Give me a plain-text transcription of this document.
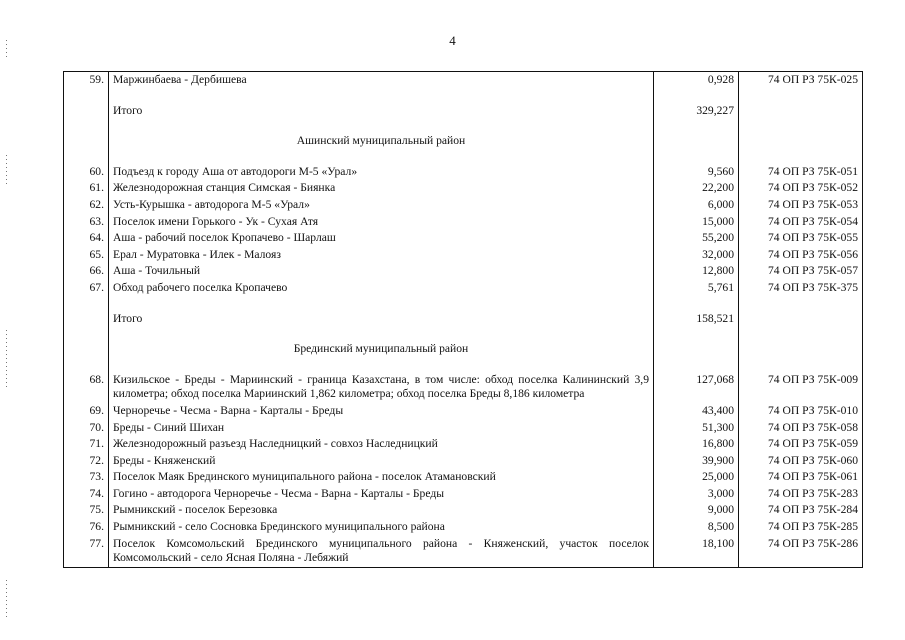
4
59.	Маржинбаева - Дербишева	0,928	74 ОП РЗ 75К-025

	Итого	329,227	

	Ашинский муниципальный район		

60.	Подъезд к городу Аша от автодороги М-5 «Урал»	9,560	74 ОП РЗ 75К-051
61.	Железнодорожная станция Симская - Биянка	22,200	74 ОП РЗ 75К-052
62.	Усть-Курышка - автодорога М-5 «Урал»	6,000	74 ОП РЗ 75К-053
63.	Поселок имени Горького - Ук - Сухая Атя	15,000	74 ОП РЗ 75К-054
64.	Аша - рабочий поселок Кропачево - Шарлаш	55,200	74 ОП РЗ 75К-055
65.	Ерал - Муратовка - Илек - Малояз	32,000	74 ОП РЗ 75К-056
66.	Аша - Точильный	12,800	74 ОП РЗ 75К-057
67.	Обход рабочего поселка Кропачево	5,761	74 ОП РЗ 75К-375

	Итого	158,521	

	Брединский муниципальный район		

68.	Кизильское - Бреды - Мариинский - граница Казахстана, в том числе: обход поселка Калининский 3,9 километра; обход поселка Мариинский 1,862 километра; обход поселка Бреды 8,186 километра	127,068	74 ОП РЗ 75К-009
69.	Черноречье - Чесма - Варна - Карталы - Бреды	43,400	74 ОП РЗ 75К-010
70.	Бреды - Синий Шихан	51,300	74 ОП РЗ 75К-058
71.	Железнодорожный разъезд Наследницкий - совхоз Наследницкий	16,800	74 ОП РЗ 75К-059
72.	Бреды - Княженский	39,900	74 ОП РЗ 75К-060
73.	Поселок Маяк Брединского муниципального района - поселок Атамановский	25,000	74 ОП РЗ 75К-061
74.	Гогино - автодорога Черноречье - Чесма - Варна - Карталы - Бреды	3,000	74 ОП РЗ 75К-283
75.	Рымникский - поселок Березовка	9,000	74 ОП РЗ 75К-284
76.	Рымникский - село Сосновка Брединского муниципального района	8,500	74 ОП РЗ 75К-285
77.	Поселок Комсомольский Брединского муниципального района - Княженский, участок поселок Комсомольский - село Ясная Поляна - Лебяжий	18,100	74 ОП РЗ 75К-286
